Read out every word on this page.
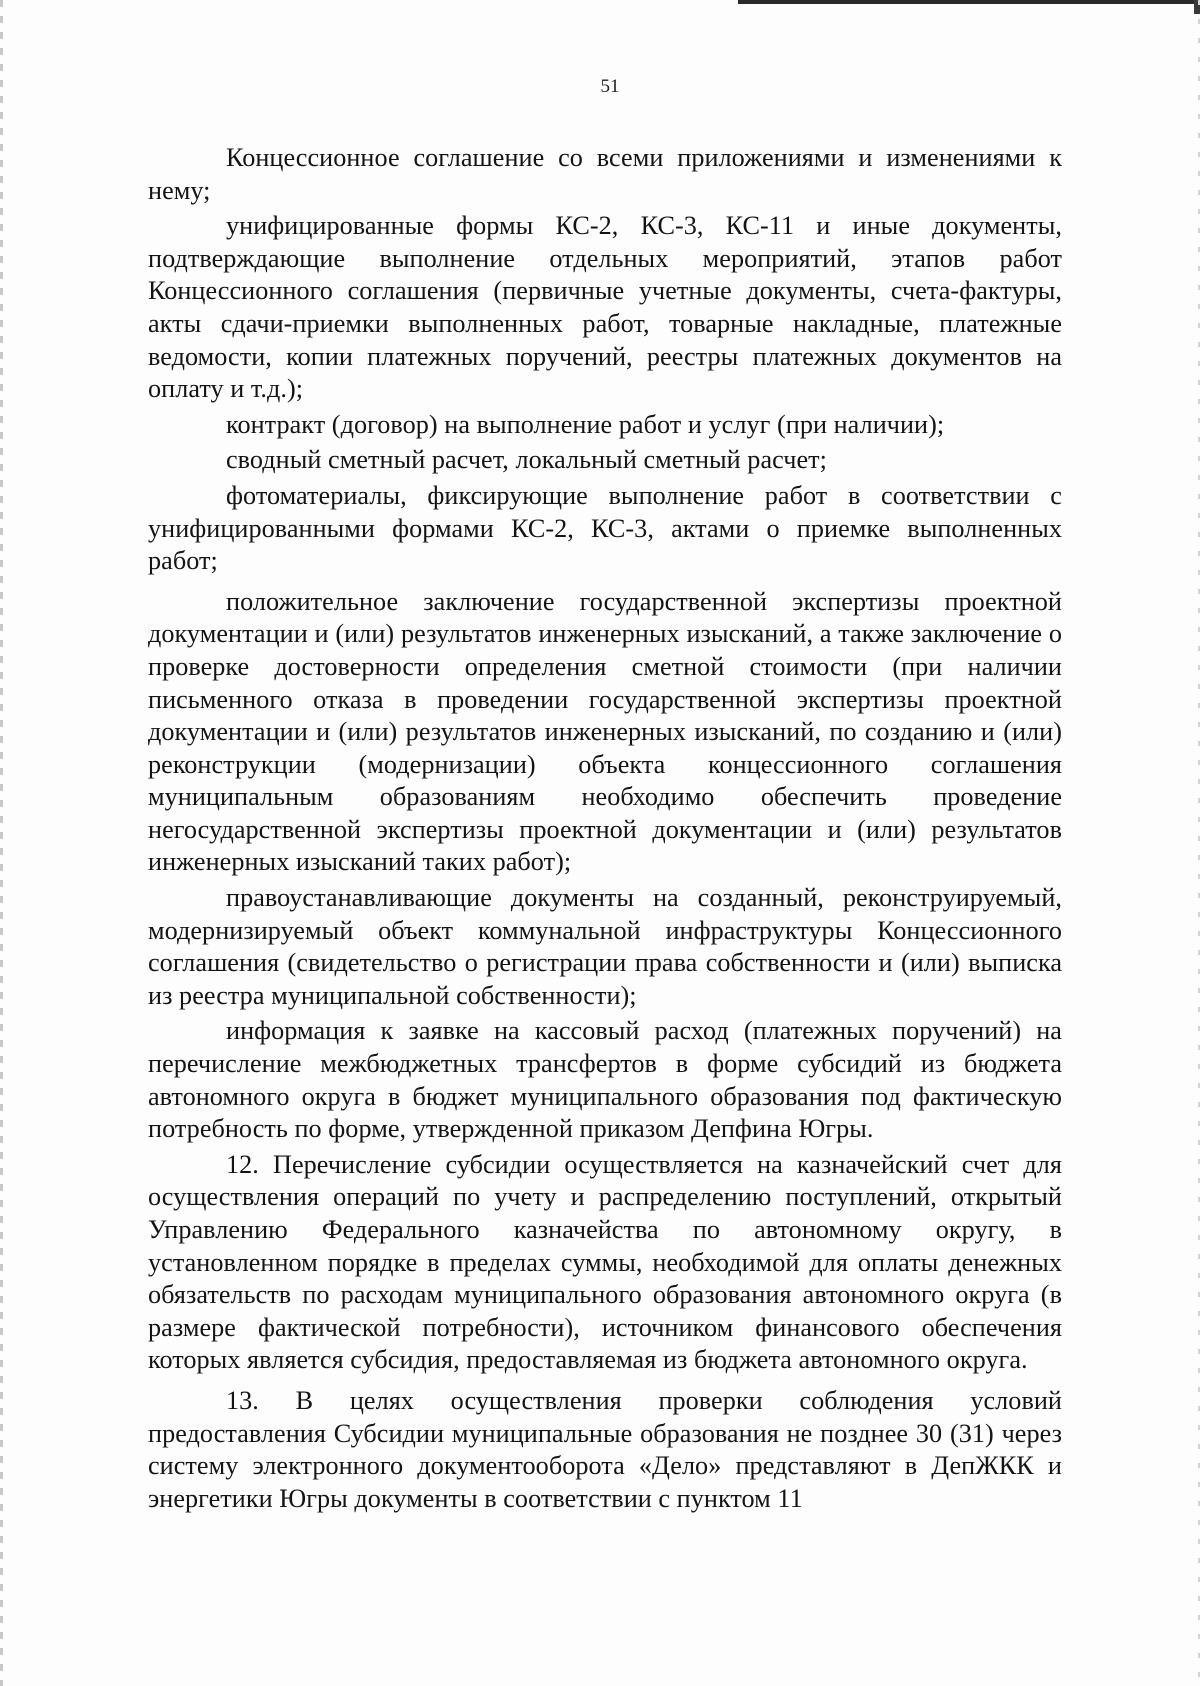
51

Концессионное соглашение со всеми приложениями и изменениями к нему;

унифицированные формы КС-2, КС-3, КС-11 и иные документы, подтверждающие выполнение отдельных мероприятий, этапов работ Концессионного соглашения (первичные учетные документы, счета-фактуры, акты сдачи-приемки выполненных работ, товарные накладные, платежные ведомости, копии платежных поручений, реестры платежных документов на оплату и т.д.);

контракт (договор) на выполнение работ и услуг (при наличии);

сводный сметный расчет, локальный сметный расчет;

фотоматериалы, фиксирующие выполнение работ в соответствии с унифицированными формами КС-2, КС-3, актами о приемке выполненных работ;

положительное заключение государственной экспертизы проектной документации и (или) результатов инженерных изысканий, а также заключение о проверке достоверности определения сметной стоимости (при наличии письменного отказа в проведении государственной экспертизы проектной документации и (или) результатов инженерных изысканий, по созданию и (или) реконструкции (модернизации) объекта концессионного соглашения муниципальным образованиям необходимо обеспечить проведение негосударственной экспертизы проектной документации и (или) результатов инженерных изысканий таких работ);

правоустанавливающие документы на созданный, реконструируемый, модернизируемый объект коммунальной инфраструктуры Концессионного соглашения (свидетельство о регистрации права собственности и (или) выписка из реестра муниципальной собственности);

информация к заявке на кассовый расход (платежных поручений) на перечисление межбюджетных трансфертов в форме субсидий из бюджета автономного округа в бюджет муниципального образования под фактическую потребность по форме, утвержденной приказом Депфина Югры.

12. Перечисление субсидии осуществляется на казначейский счет для осуществления операций по учету и распределению поступлений, открытый Управлению Федерального казначейства по автономному округу, в установленном порядке в пределах суммы, необходимой для оплаты денежных обязательств по расходам муниципального образования автономного округа (в размере фактической потребности), источником финансового обеспечения которых является субсидия, предоставляемая из бюджета автономного округа.

13. В целях осуществления проверки соблюдения условий предоставления Субсидии муниципальные образования не позднее 30 (31) через систему электронного документооборота «Дело» представляют в ДепЖКК и энергетики Югры документы в соответствии с пунктом 11
